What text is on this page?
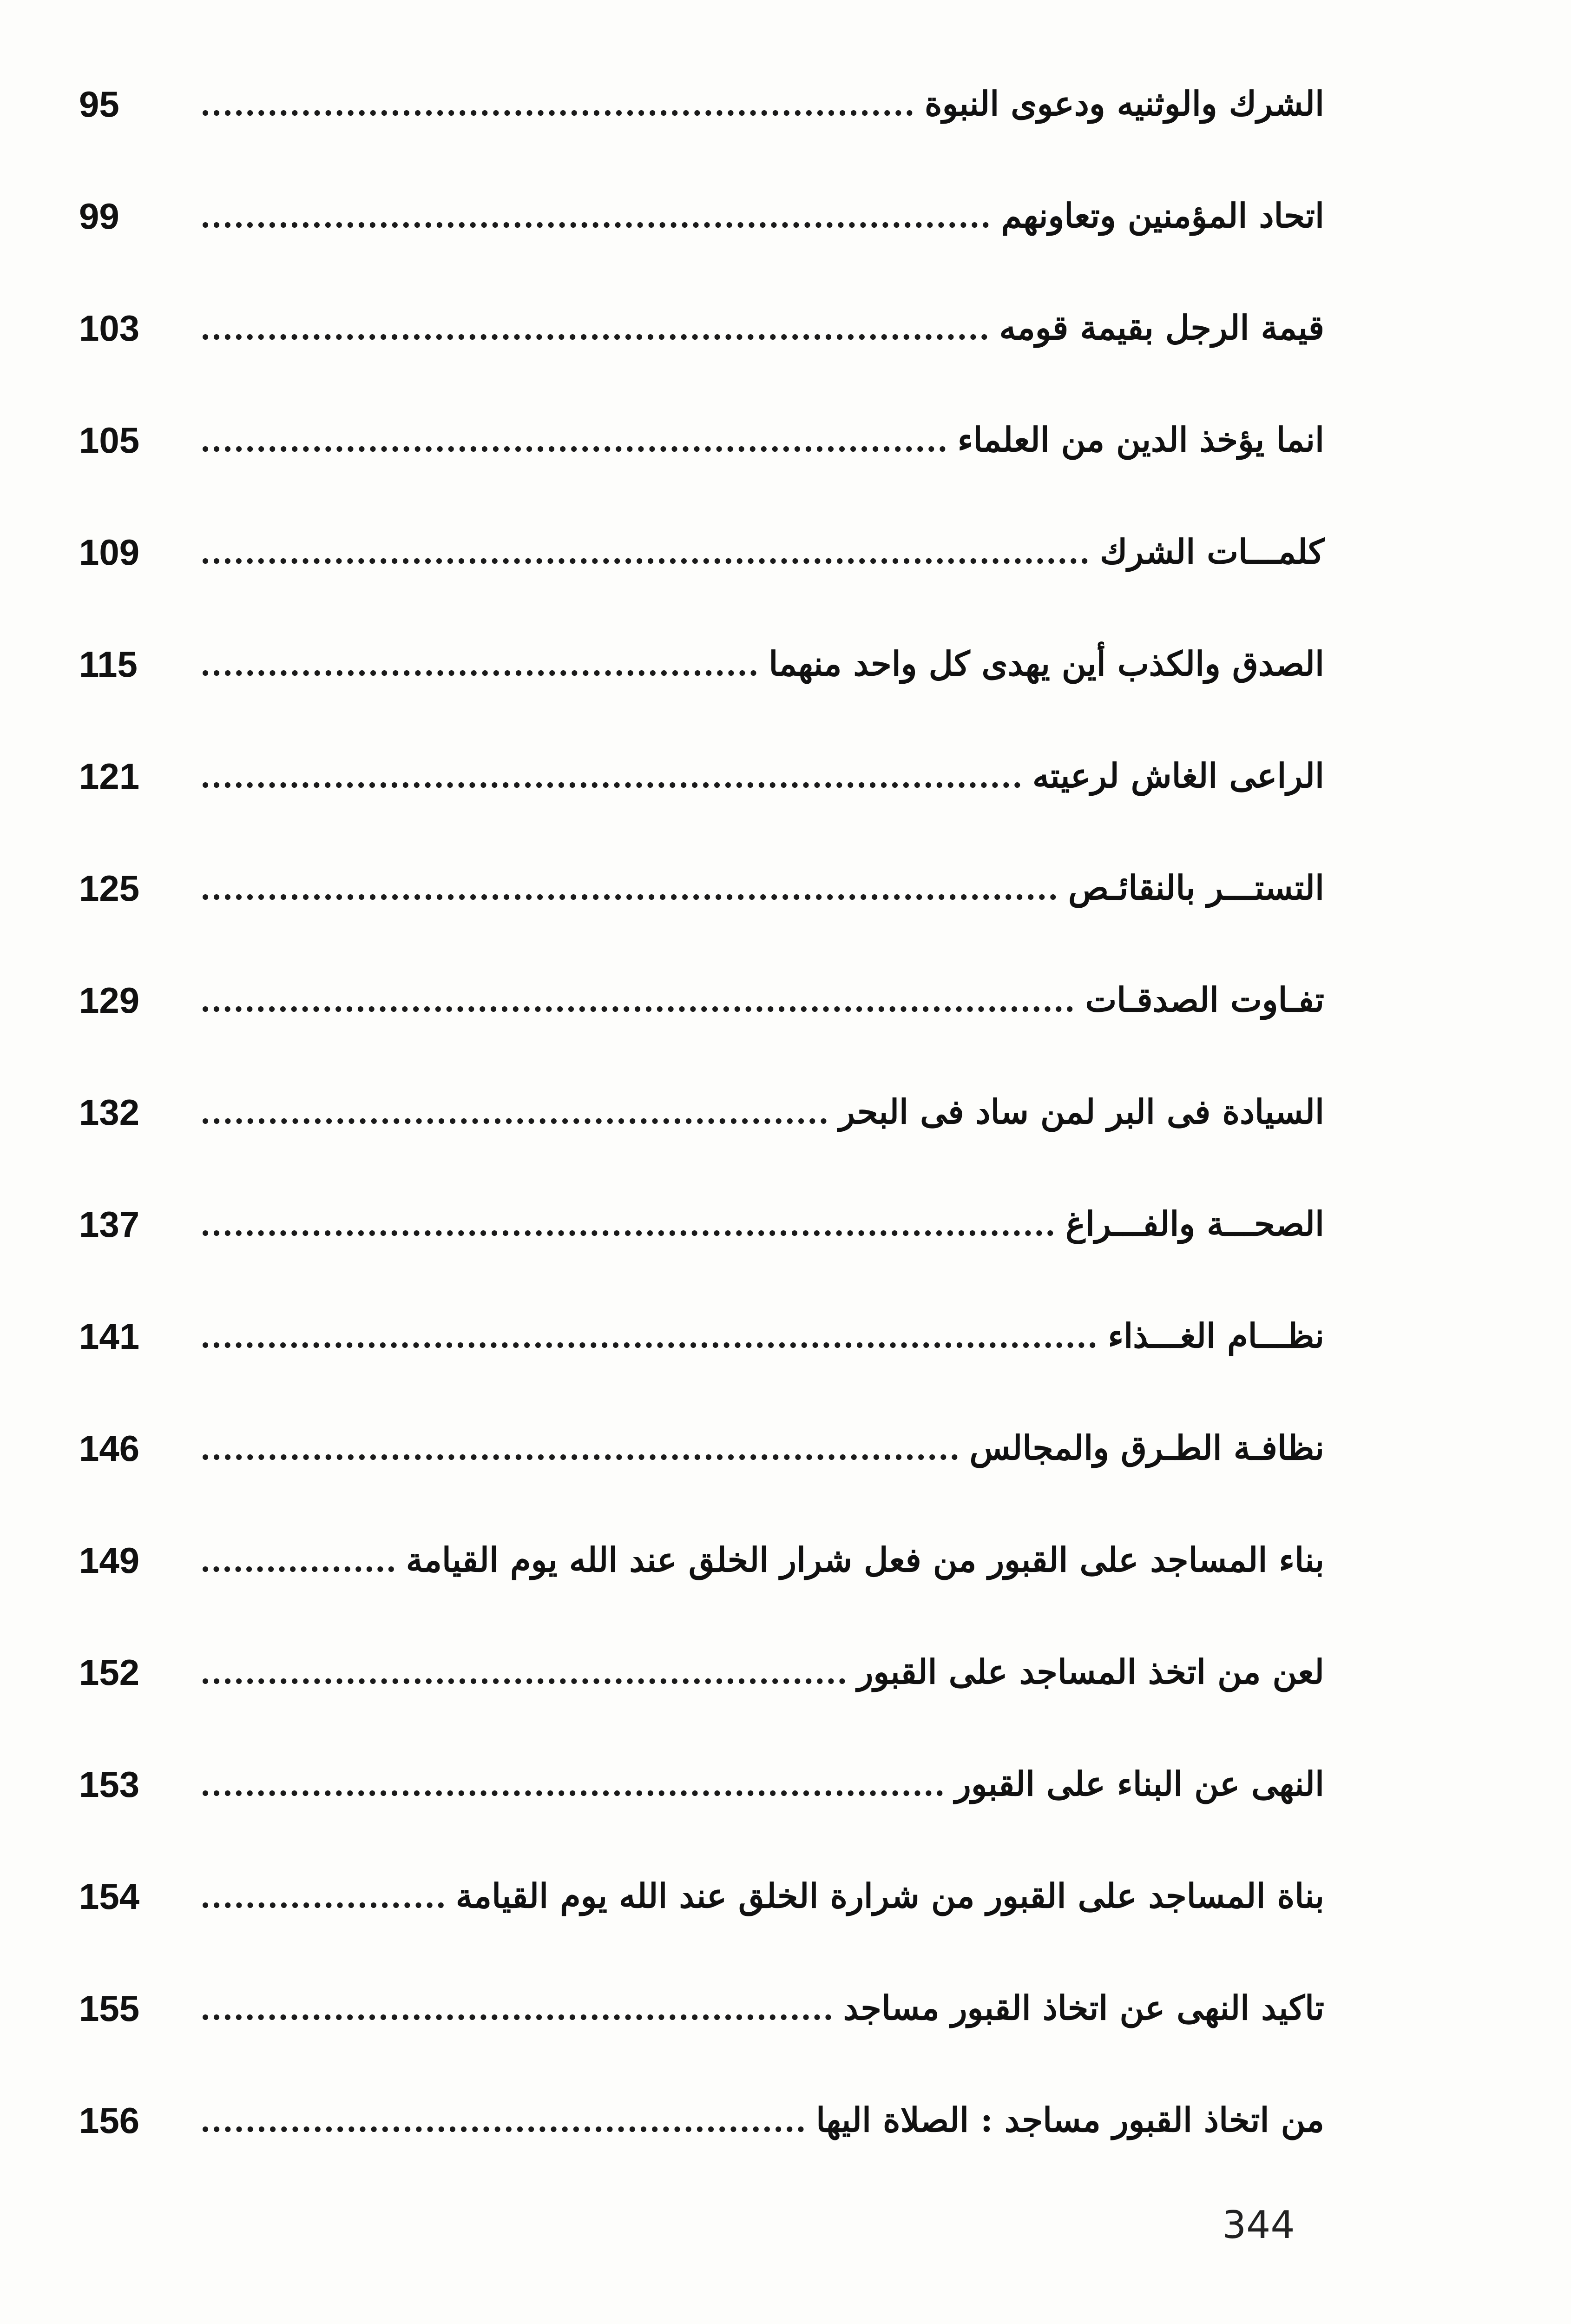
الشرك والوثنيه ودعوى النبوة
95
اتحاد المؤمنين وتعاونهم
99
قيمة الرجل بقيمة قومه
103
انما يؤخذ الدين من العلماء
105
كلمـــات الشرك
109
الصدق والكذب أين يهدى كل واحد منهما
115
الراعى الغاش لرعيته
121
التستـــر بالنقائـص
125
تفـاوت الصدقـات
129
السيادة فى البر لمن ساد فى البحر
132
الصحـــة والفـــراغ
137
نظـــام الغـــذاء
141
نظافـة الطـرق والمجالس
146
بناء المساجد على القبور من فعل شرار الخلق عند الله يوم القيامة
149
لعن من اتخذ المساجد على القبور
152
النهى عن البناء على القبور
153
بناة المساجد على القبور من شرارة الخلق عند الله يوم القيامة
154
تاكيد النهى عن اتخاذ القبور مساجد
155
من اتخاذ القبور مساجد : الصلاة اليها
156
344
